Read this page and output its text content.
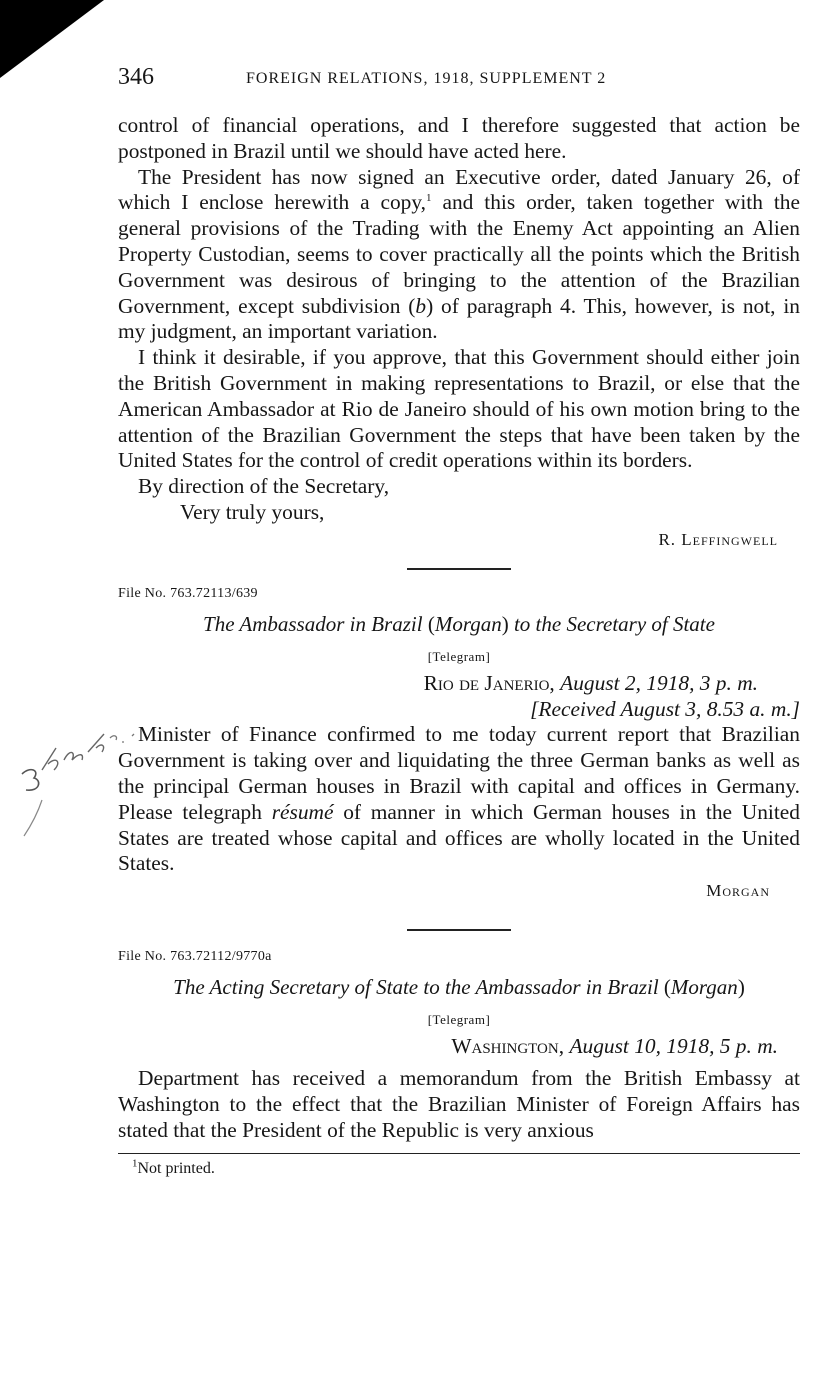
346	FOREIGN RELATIONS, 1918, SUPPLEMENT 2

control of financial operations, and I therefore suggested that action be postponed in Brazil until we should have acted here.

The President has now signed an Executive order, dated January 26, of which I enclose herewith a copy,$^1$ and this order, taken together with the general provisions of the Trading with the Enemy Act appointing an Alien Property Custodian, seems to cover practically all the points which the British Government was desirous of bringing to the attention of the Brazilian Government, except subdivision (b) of paragraph 4. This, however, is not, in my judgment, an important variation.

I think it desirable, if you approve, that this Government should either join the British Government in making representations to Brazil, or else that the American Ambassador at Rio de Janeiro should of his own motion bring to the attention of the Brazilian Government the steps that have been taken by the United States for the control of credit operations within its borders.

By direction of the Secretary,
Very truly yours,
R. Leffingwell
File No. 763.72113/639
The Ambassador in Brazil (Morgan) to the Secretary of State
[Telegram]
Rio de Janerio, August 2, 1918, 3 p. m.
[Received August 3, 8.53 a. m.]

Minister of Finance confirmed to me today current report that Brazilian Government is taking over and liquidating the three German banks as well as the principal German houses in Brazil with capital and offices in Germany. Please telegraph résumé of manner in which German houses in the United States are treated whose capital and offices are wholly located in the United States.

Morgan
File No. 763.72112/9770a
The Acting Secretary of State to the Ambassador in Brazil (Morgan)
[Telegram]
Washington, August 10, 1918, 5 p. m.

Department has received a memorandum from the British Embassy at Washington to the effect that the Brazilian Minister of Foreign Affairs has stated that the President of the Republic is very anxious

$^1$Not printed.
